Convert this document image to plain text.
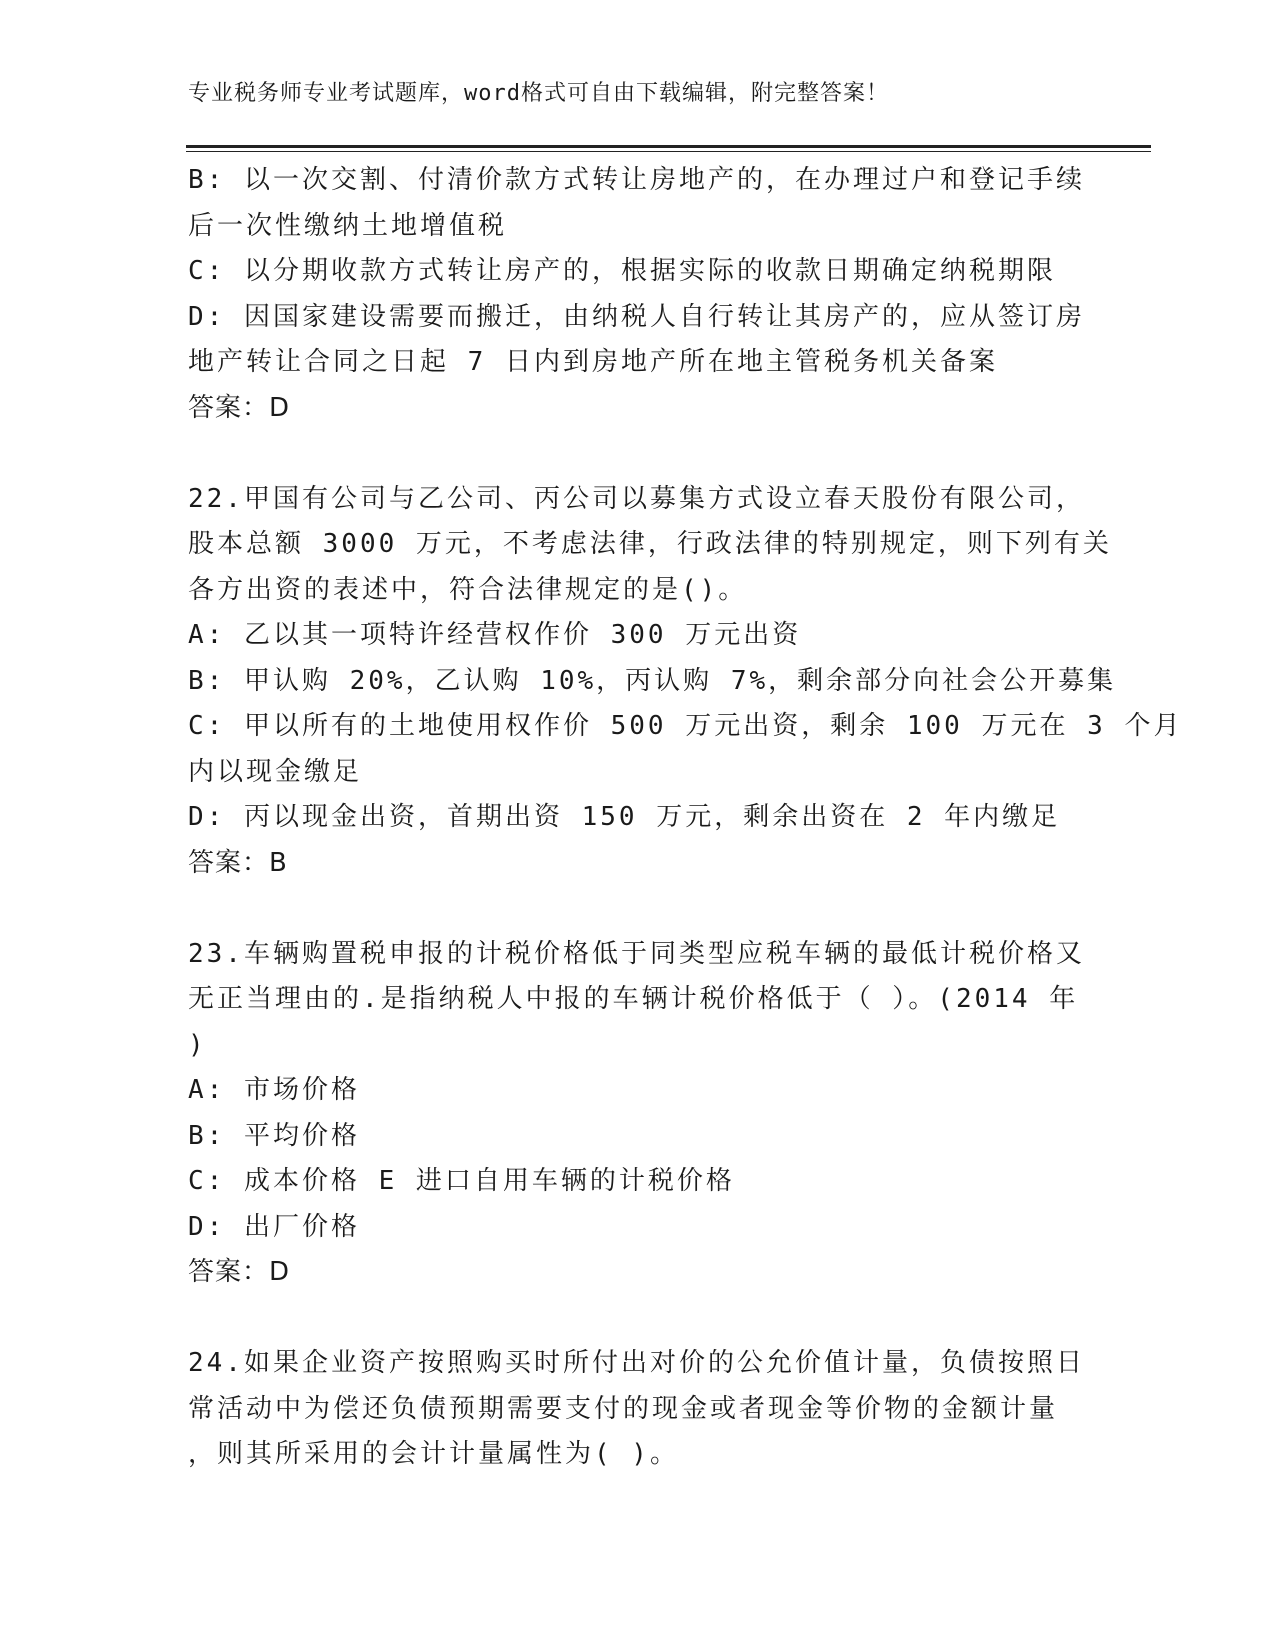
专业税务师专业考试题库，word格式可自由下载编辑，附完整答案！
B: 以一次交割、付清价款方式转让房地产的，在办理过户和登记手续
后一次性缴纳土地增值税
C: 以分期收款方式转让房产的，根据实际的收款日期确定纳税期限
D: 因国家建设需要而搬迁，由纳税人自行转让其房产的，应从签订房
地产转让合同之日起 7 日内到房地产所在地主管税务机关备案
答案：D
22.甲国有公司与乙公司、丙公司以募集方式设立春天股份有限公司，
股本总额 3000 万元，不考虑法律，行政法律的特别规定，则下列有关
各方出资的表述中，符合法律规定的是()。
A: 乙以其一项特许经营权作价 300 万元出资
B: 甲认购 20%，乙认购 10%，丙认购 7%，剩余部分向社会公开募集
C: 甲以所有的土地使用权作价 500 万元出资，剩余 100 万元在 3 个月
内以现金缴足
D: 丙以现金出资，首期出资 150 万元，剩余出资在 2 年内缴足
答案：B
23.车辆购置税申报的计税价格低于同类型应税车辆的最低计税价格又
无正当理由的.是指纳税人中报的车辆计税价格低于（ ）。(2014 年
)
A: 市场价格
B: 平均价格
C: 成本价格 E 进口自用车辆的计税价格
D: 出厂价格
答案：D
24.如果企业资产按照购买时所付出对价的公允价值计量，负债按照日
常活动中为偿还负债预期需要支付的现金或者现金等价物的金额计量
，则其所采用的会计计量属性为( )。
